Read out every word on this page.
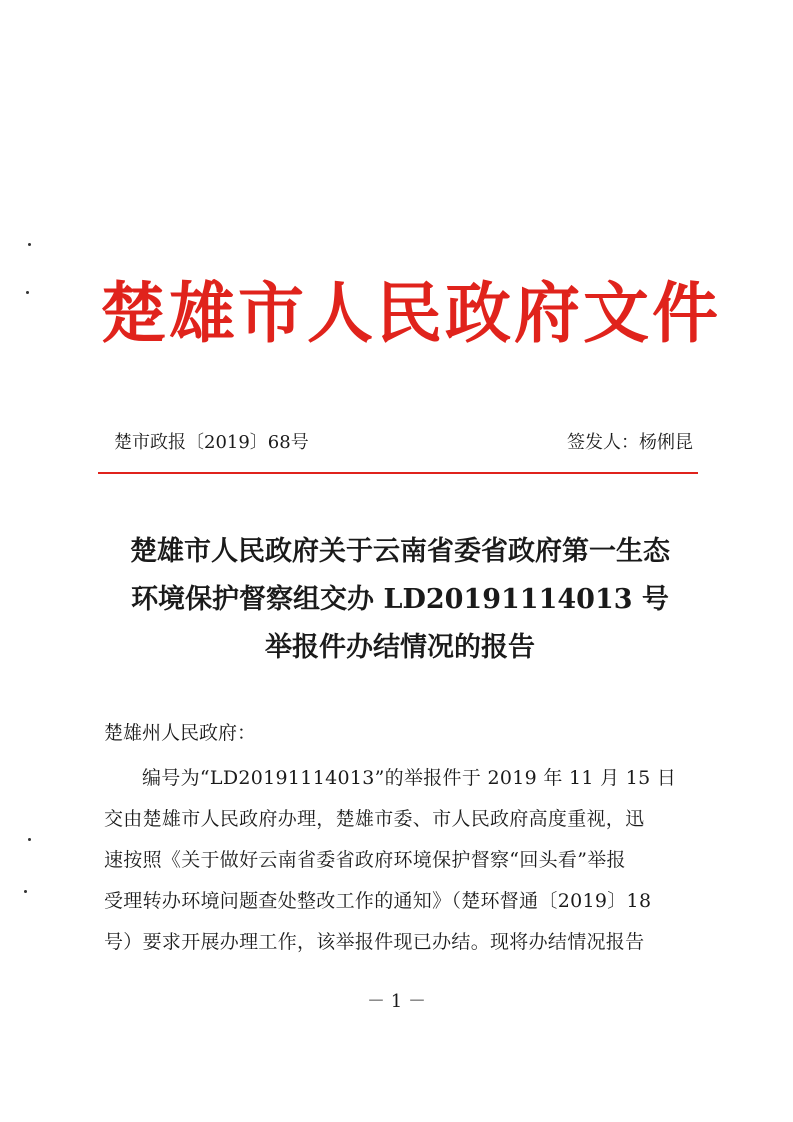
楚雄市人民政府文件
楚市政报〔2019〕68号	签发人：杨俐昆
楚雄市人民政府关于云南省委省政府第一生态
环境保护督察组交办 LD20191114013 号
举报件办结情况的报告
楚雄州人民政府：
编号为“LD20191114013”的举报件于 2019 年 11 月 15 日
交由楚雄市人民政府办理，楚雄市委、市人民政府高度重视，迅
速按照《关于做好云南省委省政府环境保护督察“回头看”举报
受理转办环境问题查处整改工作的通知》（楚环督通〔2019〕18
号）要求开展办理工作，该举报件现已办结。现将办结情况报告
－ 1 －
